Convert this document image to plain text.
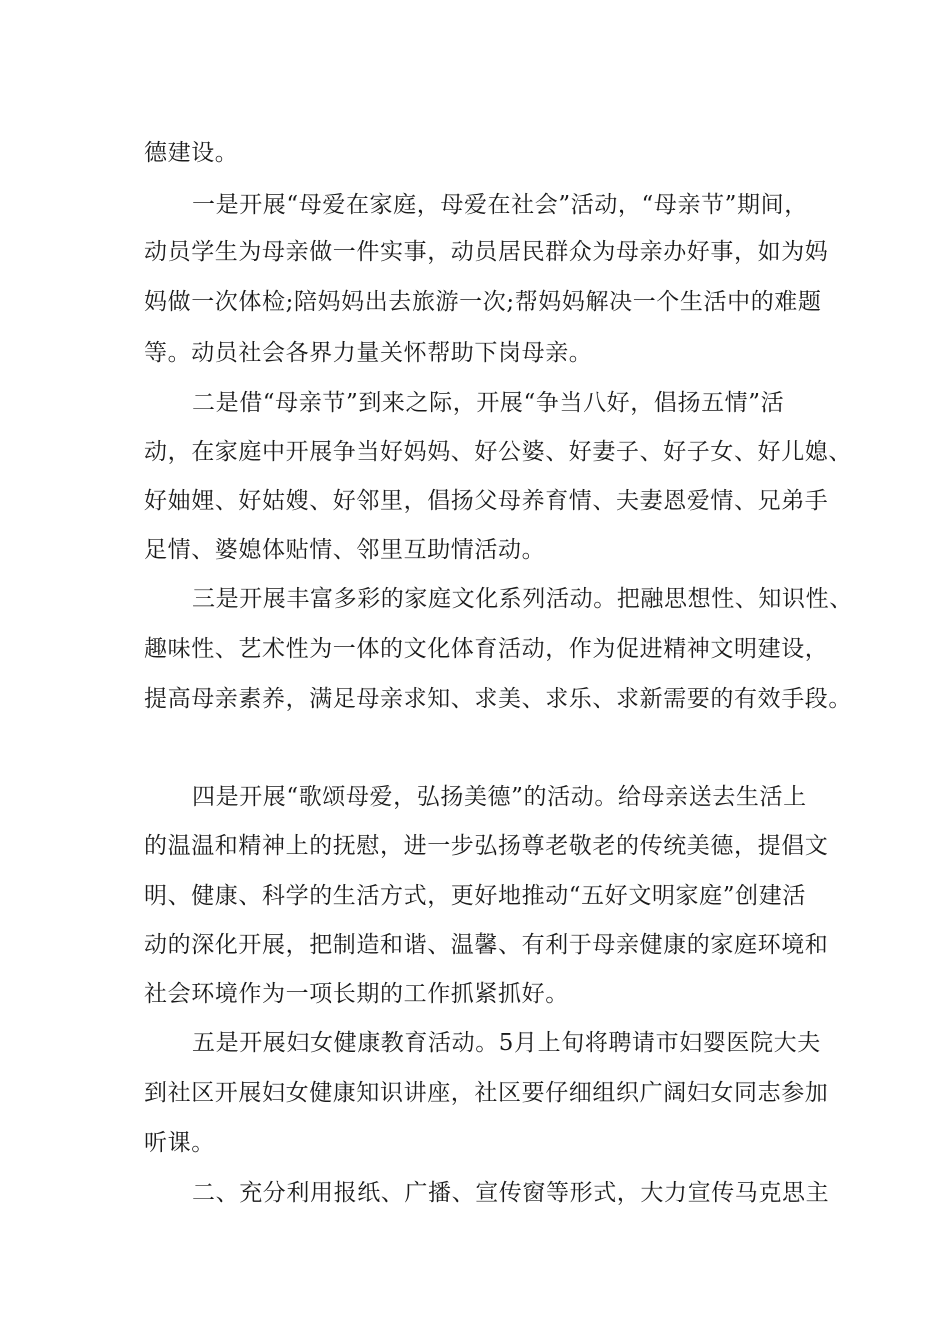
德建设。
一是开展“母爱在家庭，母爱在社会”活动，“母亲节”期间，
动员学生为母亲做一件实事，动员居民群众为母亲办好事，如为妈
妈做一次体检;陪妈妈出去旅游一次;帮妈妈解决一个生活中的难题
等。动员社会各界力量关怀帮助下岗母亲。
二是借“母亲节”到来之际，开展“争当八好，倡扬五情”活
动，在家庭中开展争当好妈妈、好公婆、好妻子、好子女、好儿媳、
好妯娌、好姑嫂、好邻里，倡扬父母养育情、夫妻恩爱情、兄弟手
足情、婆媳体贴情、邻里互助情活动。
三是开展丰富多彩的家庭文化系列活动。把融思想性、知识性、
趣味性、艺术性为一体的文化体育活动，作为促进精神文明建设，
提高母亲素养，满足母亲求知、求美、求乐、求新需要的有效手段。
四是开展“歌颂母爱，弘扬美德”的活动。给母亲送去生活上
的温温和精神上的抚慰，进一步弘扬尊老敬老的传统美德，提倡文
明、健康、科学的生活方式，更好地推动“五好文明家庭”创建活
动的深化开展，把制造和谐、温馨、有利于母亲健康的家庭环境和
社会环境作为一项长期的工作抓紧抓好。
五是开展妇女健康教育活动。5月上旬将聘请市妇婴医院大夫
到社区开展妇女健康知识讲座，社区要仔细组织广阔妇女同志参加
听课。
二、充分利用报纸、广播、宣传窗等形式，大力宣传马克思主
